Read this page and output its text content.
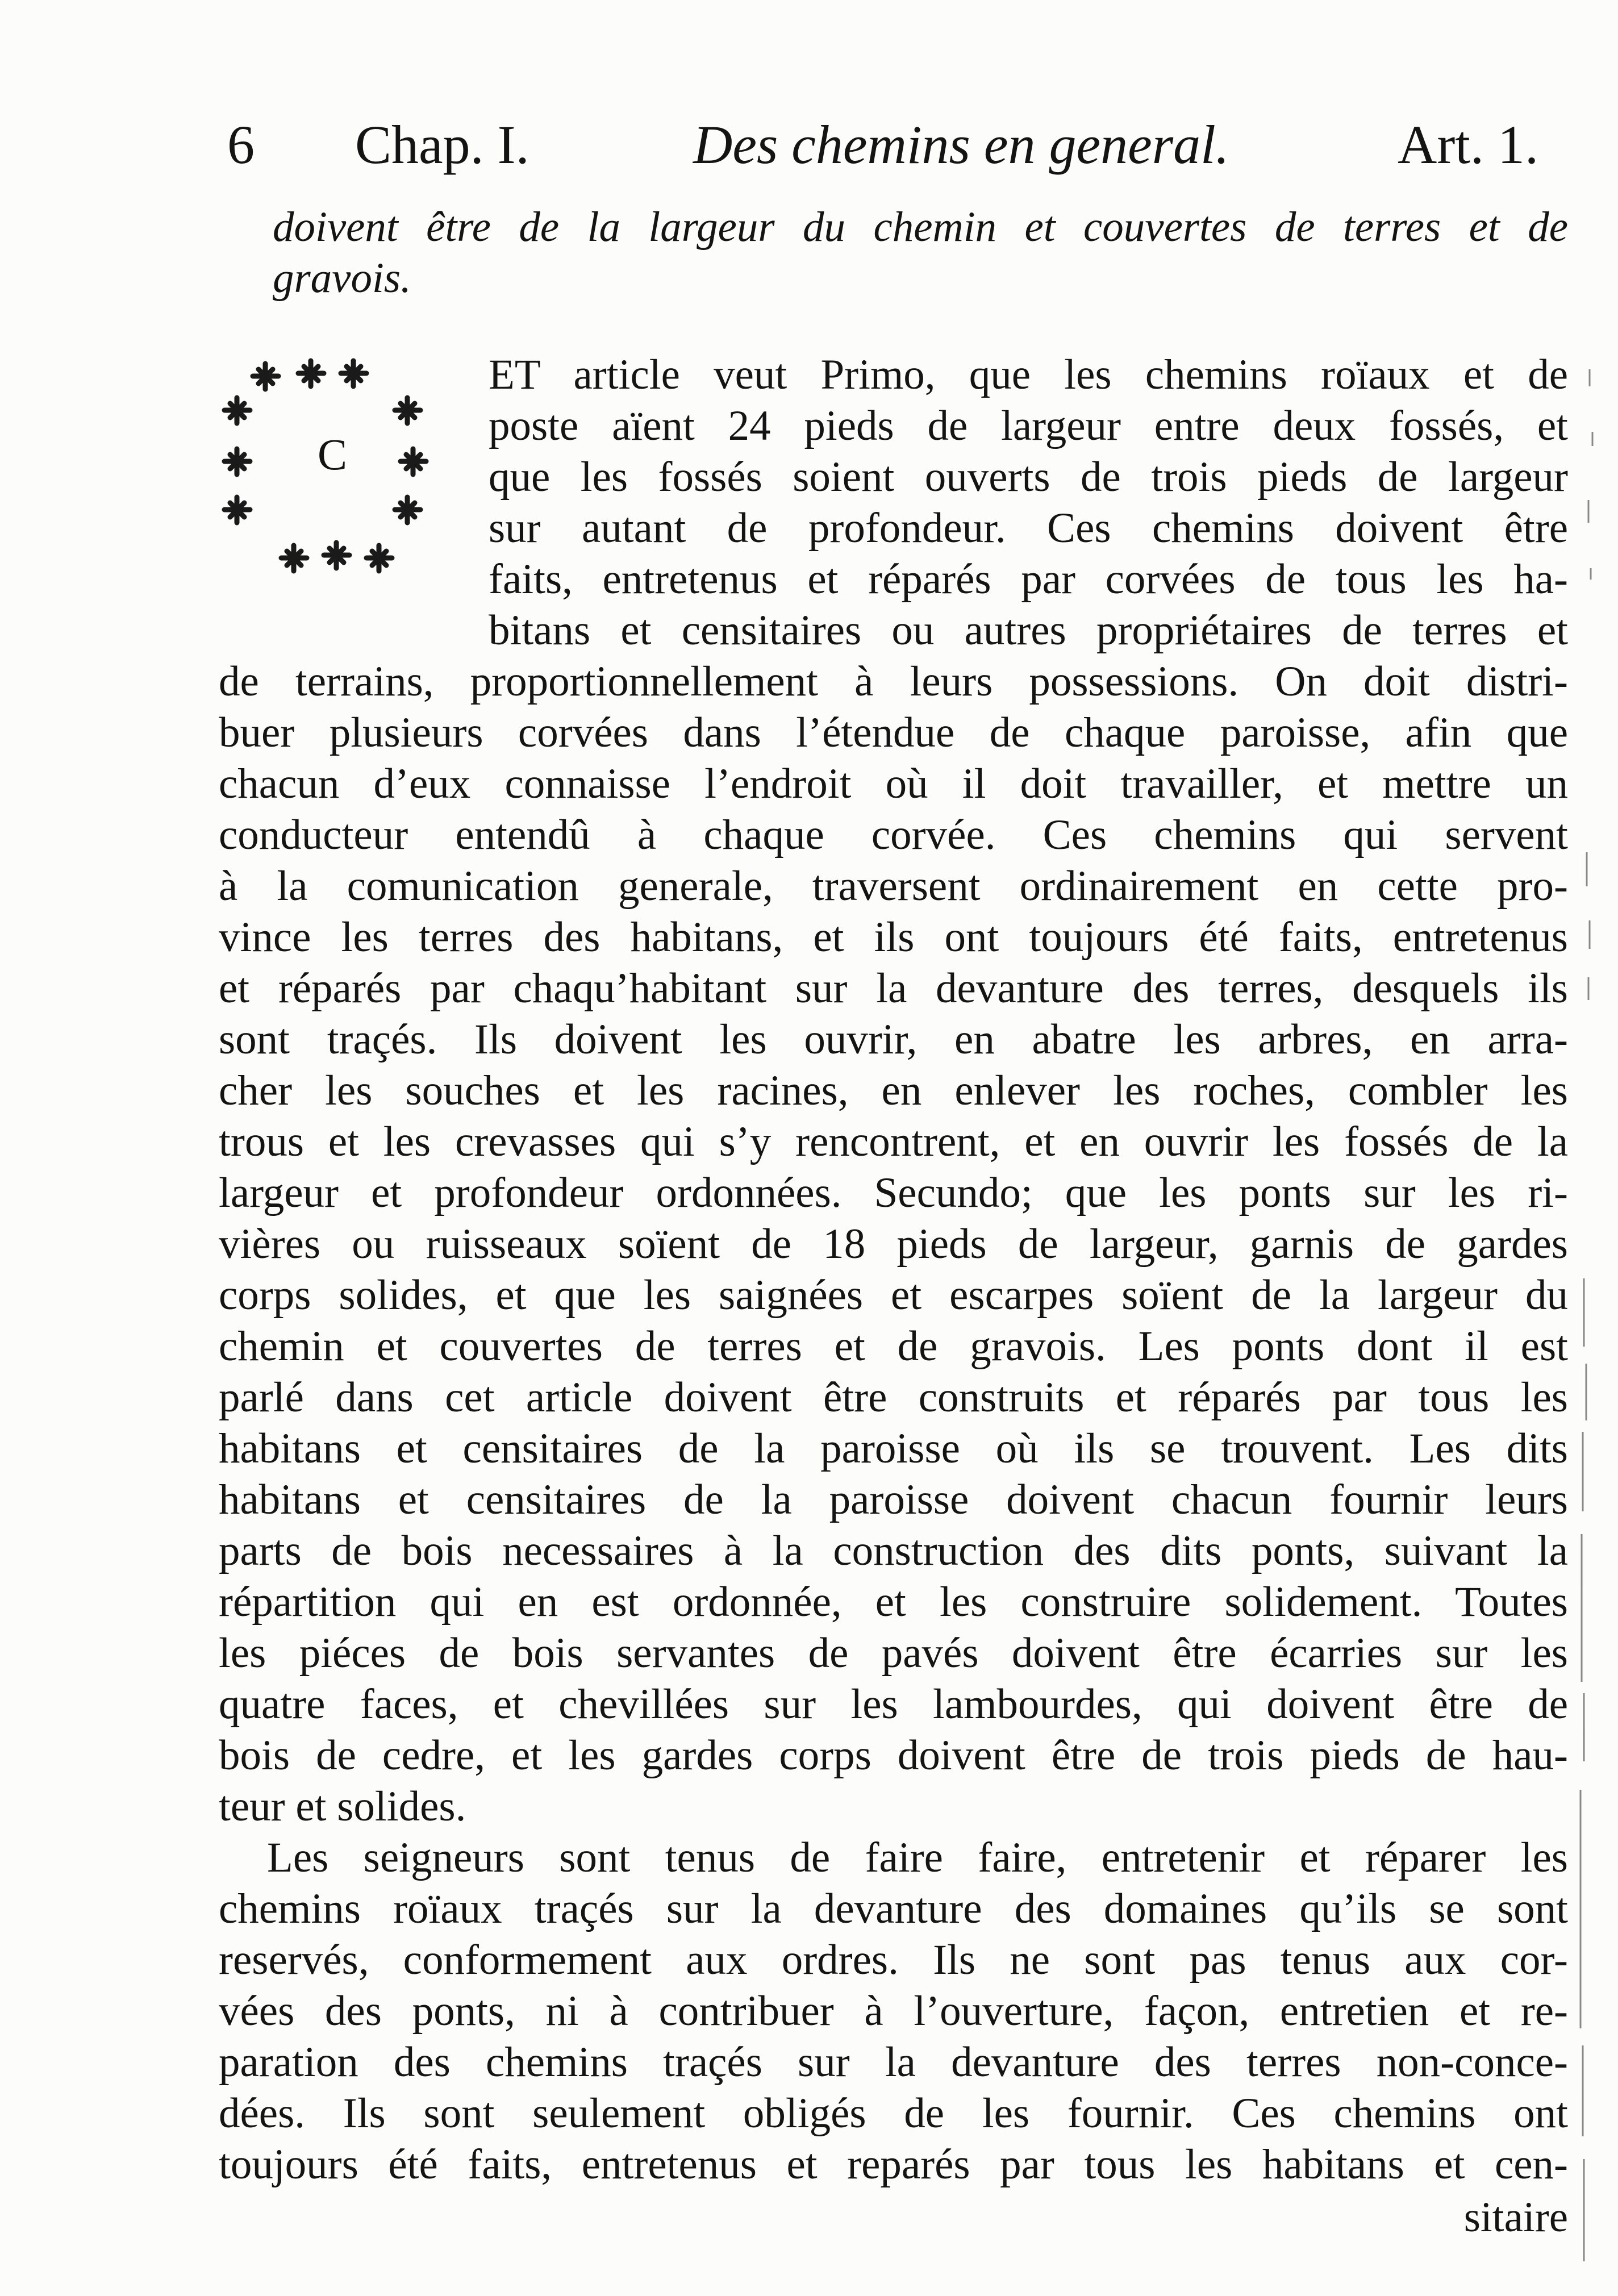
6 Chap. I.	Des chemins en general.	Art. 1.
doivent être de la largeur du chemin et couvertes de terres et de
gravois.
C
ET article veut Primo, que les chemins roïaux et de
poste aïent 24 pieds de largeur entre deux fossés, et
que les fossés soient ouverts de trois pieds de largeur
sur autant de profondeur. Ces chemins doivent être
faits, entretenus et réparés par corvées de tous les ha-
bitans et censitaires ou autres propriétaires de terres et
de terrains, proportionnellement à leurs possessions. On doit distri-
buer plusieurs corvées dans l’étendue de chaque paroisse, afin que
chacun d’eux connaisse l’endroit où il doit travailler, et mettre un
conducteur entendû à chaque corvée. Ces chemins qui servent
à la comunication generale, traversent ordinairement en cette pro-
vince les terres des habitans, et ils ont toujours été faits, entretenus
et réparés par chaqu’habitant sur la devanture des terres, desquels ils
sont traçés. Ils doivent les ouvrir, en abatre les arbres, en arra-
cher les souches et les racines, en enlever les roches, combler les
trous et les crevasses qui s’y rencontrent, et en ouvrir les fossés de la
largeur et profondeur ordonnées. Secundo; que les ponts sur les ri-
vières ou ruisseaux soïent de 18 pieds de largeur, garnis de gardes
corps solides, et que les saignées et escarpes soïent de la largeur du
chemin et couvertes de terres et de gravois. Les ponts dont il est
parlé dans cet article doivent être construits et réparés par tous les
habitans et censitaires de la paroisse où ils se trouvent. Les dits
habitans et censitaires de la paroisse doivent chacun fournir leurs
parts de bois necessaires à la construction des dits ponts, suivant la
répartition qui en est ordonnée, et les construire solidement. Toutes
les piéces de bois servantes de pavés doivent être écarries sur les
quatre faces, et chevillées sur les lambourdes, qui doivent être de
bois de cedre, et les gardes corps doivent être de trois pieds de hau-
teur et solides.
Les seigneurs sont tenus de faire faire, entretenir et réparer les
chemins roïaux traçés sur la devanture des domaines qu’ils se sont
reservés, conformement aux ordres. Ils ne sont pas tenus aux cor-
vées des ponts, ni à contribuer à l’ouverture, façon, entretien et re-
paration des chemins traçés sur la devanture des terres non-conce-
dées. Ils sont seulement obligés de les fournir. Ces chemins ont
toujours été faits, entretenus et reparés par tous les habitans et cen-
sitaire
